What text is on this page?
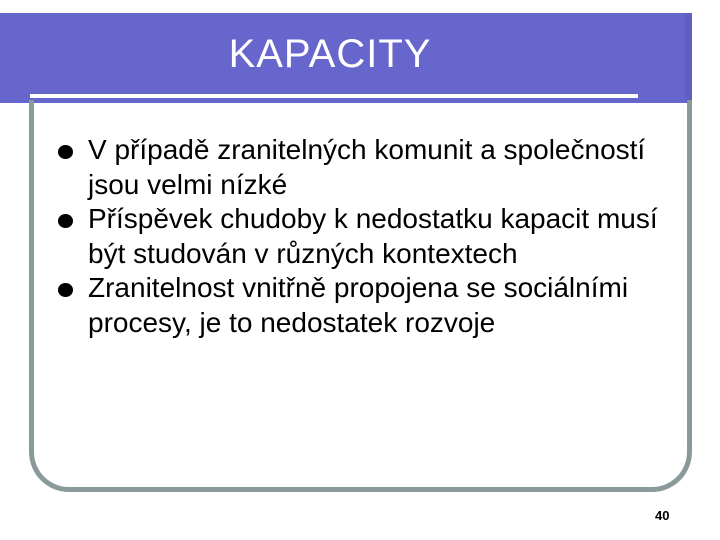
KAPACITY
V případě zranitelných komunit a společností jsou velmi nízké
Příspěvek chudoby k nedostatku kapacit musí být studován v různých kontextech
Zranitelnost vnitřně propojena se sociálními procesy, je to nedostatek rozvoje
40
